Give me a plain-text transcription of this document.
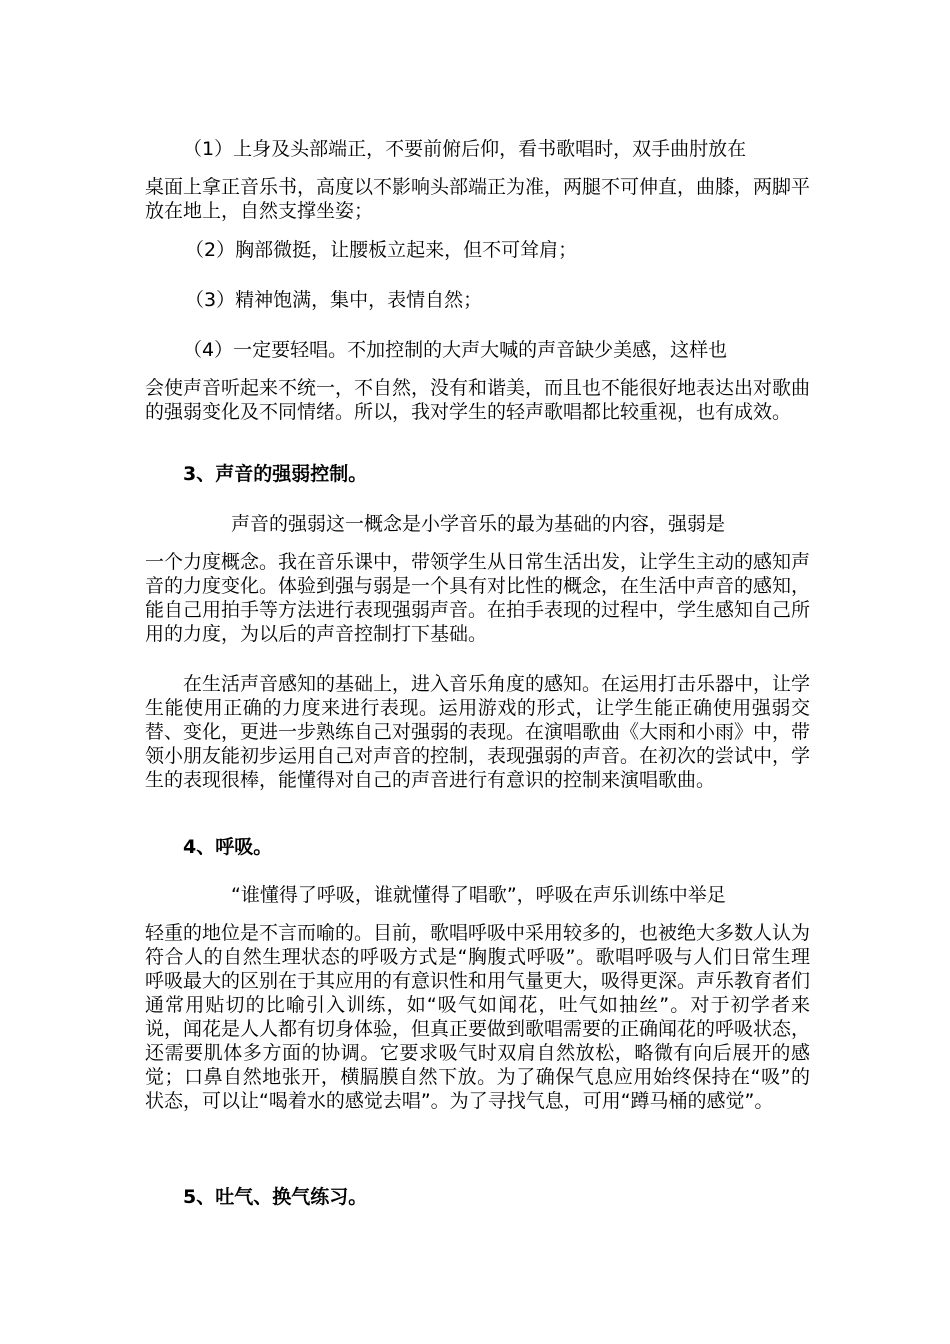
（1）上身及头部端正，不要前俯后仰，看书歌唱时，双手曲肘放在
桌面上拿正音乐书，高度以不影响头部端正为准，两腿不可伸直，曲膝，两脚平放在地上，自然支撑坐姿；

（2）胸部微挺，让腰板立起来，但不可耸肩；

（3）精神饱满，集中，表情自然；

（4）一定要轻唱。不加控制的大声大喊的声音缺少美感，这样也
会使声音听起来不统一，不自然，没有和谐美，而且也不能很好地表达出对歌曲的强弱变化及不同情绪。所以，我对学生的轻声歌唱都比较重视，也有成效。

3、声音的强弱控制。

声音的强弱这一概念是小学音乐的最为基础的内容，强弱是
一个力度概念。我在音乐课中，带领学生从日常生活出发，让学生主动的感知声音的力度变化。体验到强与弱是一个具有对比性的概念，在生活中声音的感知，能自己用拍手等方法进行表现强弱声音。在拍手表现的过程中，学生感知自己所用的力度，为以后的声音控制打下基础。

在生活声音感知的基础上，进入音乐角度的感知。在运用打击乐器中，让学生能使用正确的力度来进行表现。运用游戏的形式，让学生能正确使用强弱交替、变化，更进一步熟练自己对强弱的表现。在演唱歌曲《大雨和小雨》中，带领小朋友能初步运用自己对声音的控制，表现强弱的声音。在初次的尝试中，学生的表现很棒，能懂得对自己的声音进行有意识的控制来演唱歌曲。

4、呼吸。

“谁懂得了呼吸，谁就懂得了唱歌”，呼吸在声乐训练中举足
轻重的地位是不言而喻的。目前，歌唱呼吸中采用较多的，也被绝大多数人认为符合人的自然生理状态的呼吸方式是“胸腹式呼吸”。歌唱呼吸与人们日常生理呼吸最大的区别在于其应用的有意识性和用气量更大，吸得更深。声乐教育者们通常用贴切的比喻引入训练，如“吸气如闻花，吐气如抽丝”。对于初学者来说，闻花是人人都有切身体验，但真正要做到歌唱需要的正确闻花的呼吸状态，还需要肌体多方面的协调。它要求吸气时双肩自然放松，略微有向后展开的感觉；口鼻自然地张开，横膈膜自然下放。为了确保气息应用始终保持在“吸”的状态，可以让“喝着水的感觉去唱”。为了寻找气息，可用“蹲马桶的感觉”。

5、吐气、换气练习。
